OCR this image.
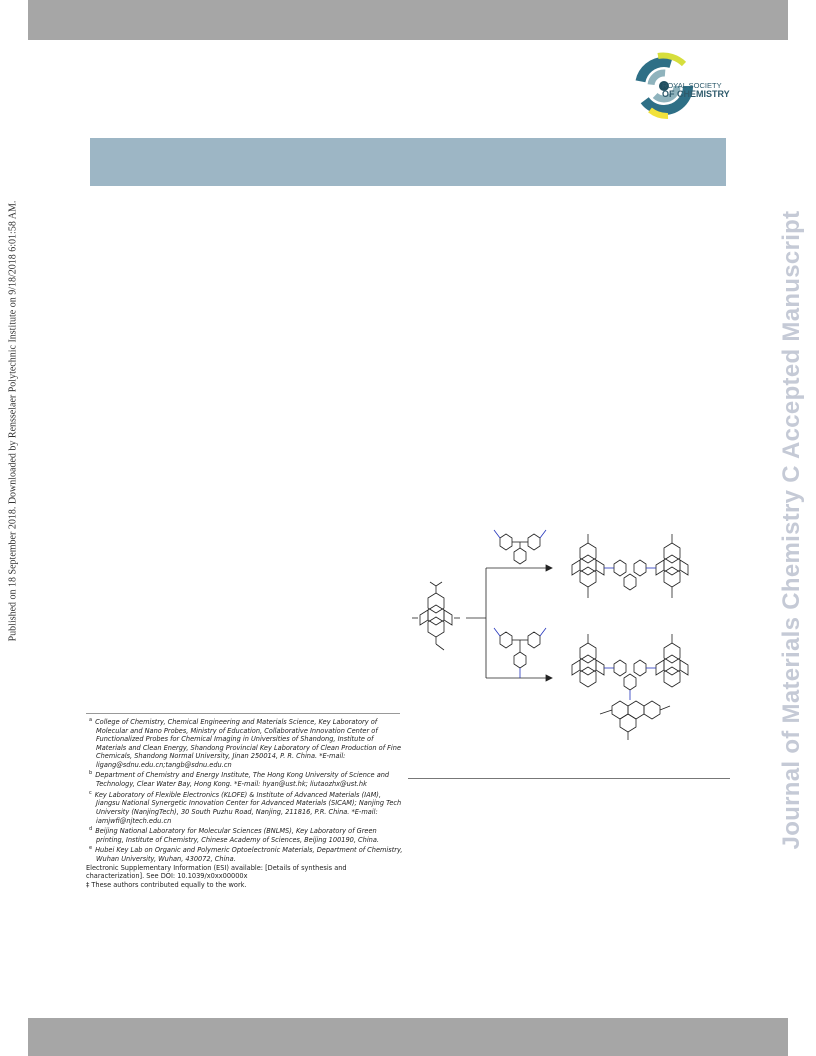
ROYAL SOCIETY
OF CHEMISTRY
Published on 18 September 2018. Downloaded by Rensselaer Polytechnic Institute on 9/18/2018 6:01:58 AM.	Journal of Materials Chemistry C Accepted Manuscript
$^a$ College of Chemistry, Chemical Engineering and Materials Science, Key Laboratory of Molecular and Nano Probes, Ministry of Education, Collaborative Innovation Center of Functionalized Probes for Chemical Imaging in Universities of Shandong, Institute of Materials and Clean Energy, Shandong Provincial Key Laboratory of Clean Production of Fine Chemicals, Shandong Normal University, Jinan 250014, P. R. China. *E-mail: ligang@sdnu.edu.cn;tangb@sdnu.edu.cn
$^b$ Department of Chemistry and Energy Institute, The Hong Kong University of Science and Technology, Clear Water Bay, Hong Kong. *E-mail: hyan@ust.hk; liutaozhx@ust.hk
$^c$ Key Laboratory of Flexible Electronics (KLOFE) & Institute of Advanced Materials (IAM), Jiangsu National Synergetic Innovation Center for Advanced Materials (SICAM); Nanjing Tech University (NanjingTech), 30 South Puzhu Road, Nanjing, 211816, P.R. China. *E-mail: iamjwfi@njtech.edu.cn
$^d$ Beijing National Laboratory for Molecular Sciences (BNLMS), Key Laboratory of Green printing, Institute of Chemistry, Chinese Academy of Sciences, Beijing 100190, China.
$^e$ Hubei Key Lab on Organic and Polymeric Optoelectronic Materials, Department of Chemistry, Wuhan University, Wuhan, 430072, China.
Electronic Supplementary Information (ESI) available: [Details of synthesis and characterization]. See DOI: 10.1039/x0xx00000x
‡ These authors contributed equally to the work.
